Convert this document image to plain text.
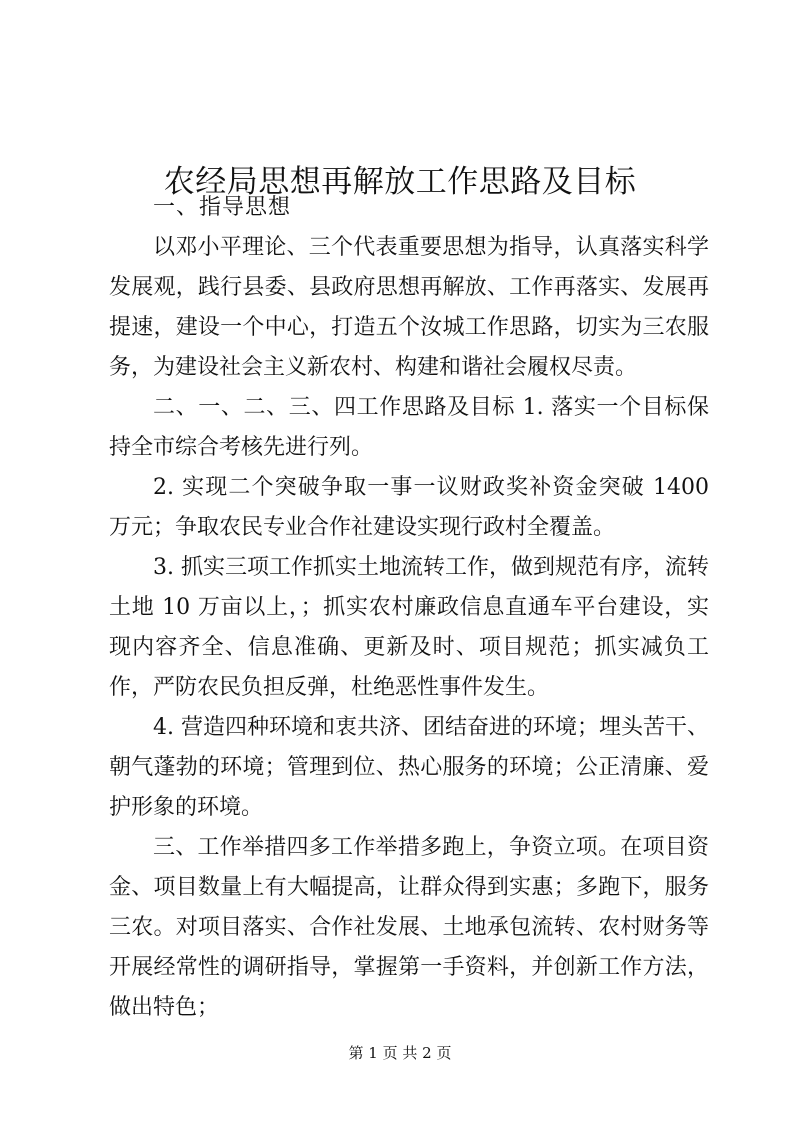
农经局思想再解放工作思路及目标

一、指导思想

以邓小平理论、三个代表重要思想为指导，认真落实科学发展观，践行县委、县政府思想再解放、工作再落实、发展再提速，建设一个中心，打造五个汝城工作思路，切实为三农服务，为建设社会主义新农村、构建和谐社会履权尽责。

二、一、二、三、四工作思路及目标 1. 落实一个目标保持全市综合考核先进行列。

2. 实现二个突破争取一事一议财政奖补资金突破 1400 万元；争取农民专业合作社建设实现行政村全覆盖。

3. 抓实三项工作抓实土地流转工作，做到规范有序，流转土地 10 万亩以上，；抓实农村廉政信息直通车平台建设，实现内容齐全、信息准确、更新及时、项目规范；抓实减负工作，严防农民负担反弹，杜绝恶性事件发生。

4. 营造四种环境和衷共济、团结奋进的环境；埋头苦干、朝气蓬勃的环境；管理到位、热心服务的环境；公正清廉、爱护形象的环境。

三、工作举措四多工作举措多跑上，争资立项。在项目资金、项目数量上有大幅提高，让群众得到实惠；多跑下，服务三农。对项目落实、合作社发展、土地承包流转、农村财务等开展经常性的调研指导，掌握第一手资料，并创新工作方法，做出特色；

第 1 页 共 2 页
